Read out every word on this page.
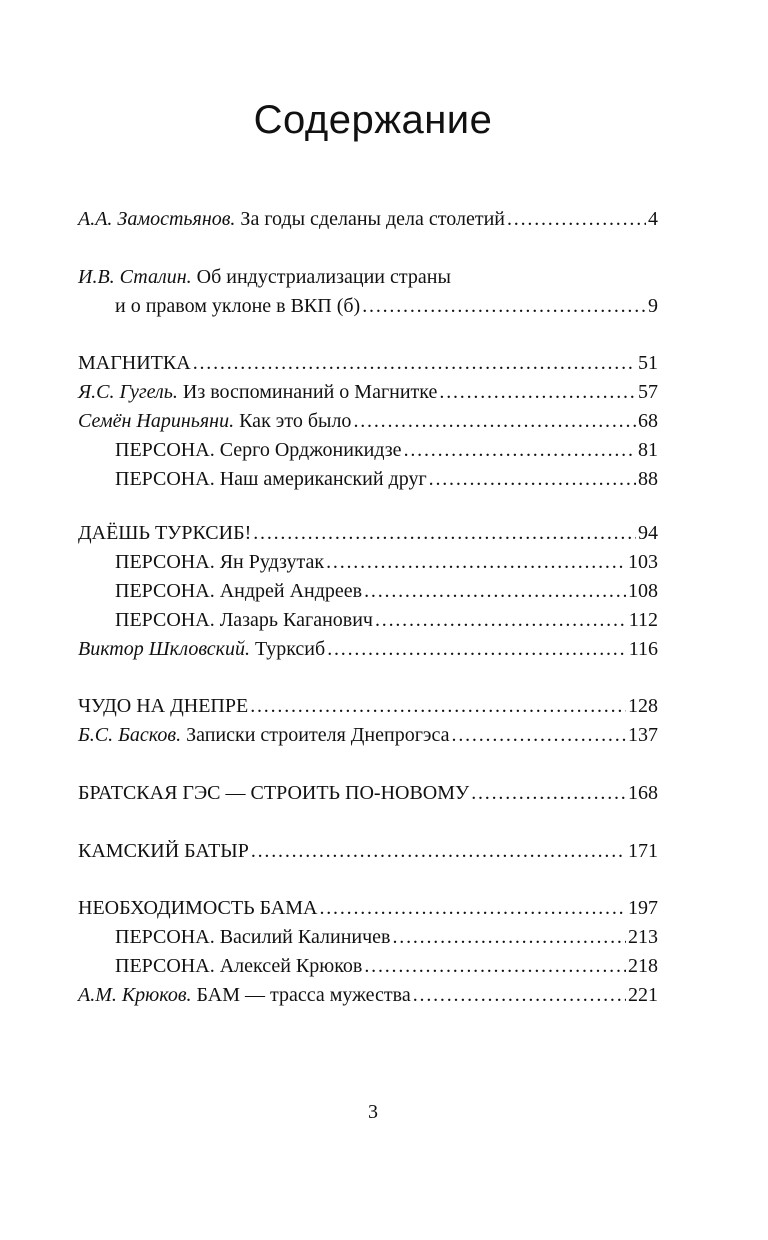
Содержание
А.А. Замостьянов. За годы сделаны дела столетий . . .	4
И.В. Сталин. Об индустриализации страны
и о правом уклоне в ВКП (б) . . .	9
МАГНИТКА . . .	51
Я.С. Гугель. Из воспоминаний о Магнитке . . .	57
Семён Нариньяни. Как это было . . .	68
ПЕРСОНА. Серго Орджоникидзе . . .	81
ПЕРСОНА. Наш американский друг . . .	88
ДАЁШЬ ТУРКСИБ! . . .	94
ПЕРСОНА. Ян Рудзутак . . .	103
ПЕРСОНА. Андрей Андреев . . .	108
ПЕРСОНА. Лазарь Каганович . . .	112
Виктор Шкловский. Турксиб . . .	116
ЧУДО НА ДНЕПРЕ . . .	128
Б.С. Басков. Записки строителя Днепрогэса . . .	137
БРАТСКАЯ ГЭС — СТРОИТЬ ПО-НОВОМУ . . .	168
КАМСКИЙ БАТЫР . . .	171
НЕОБХОДИМОСТЬ БАМА . . .	197
ПЕРСОНА. Василий Калиничев . . .	213
ПЕРСОНА. Алексей Крюков . . .	218
А.М. Крюков. БАМ — трасса мужества . . .	221
3
